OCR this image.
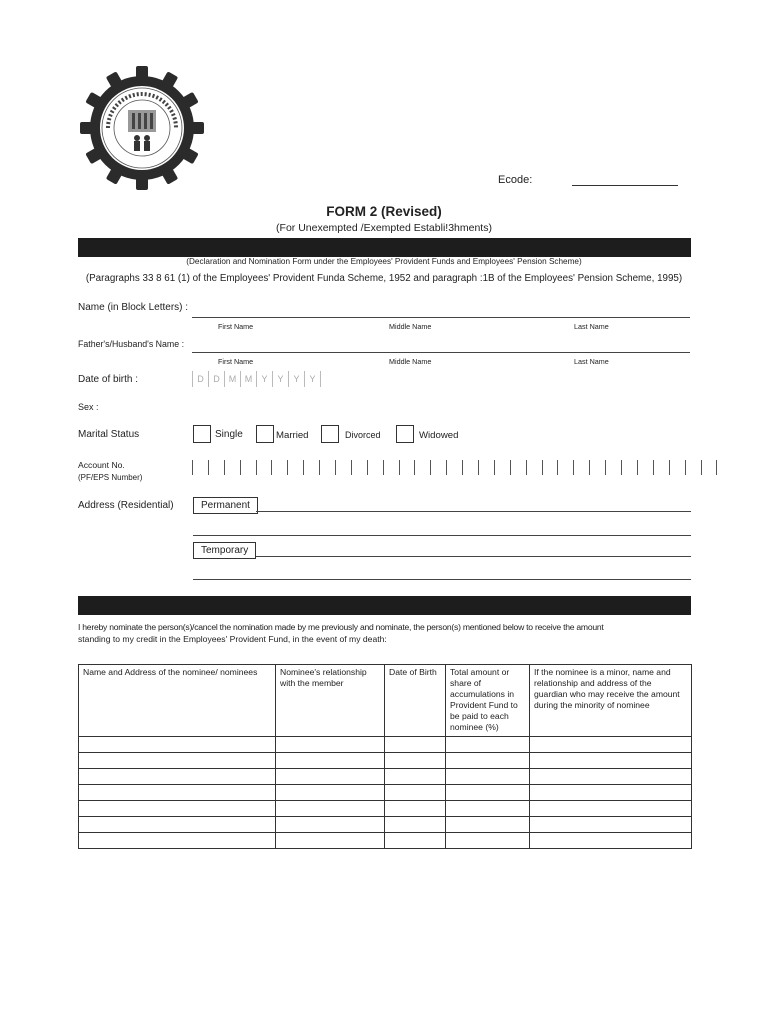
Ecode:
FORM 2 (Revised)
(For Unexempted /Exempted Establi!3hments)
(Declaration and Nomination Form under the Employees' Provident Funds and Employees' Pension Scheme)
(Paragraphs 33 8 61 (1) of the Employees' Provident Funda Scheme, 1952 and paragraph :1B of the Employees' Pension Scheme, 1995)
Name (in Block Letters) :
First Name	Middle Name	Last Name
Father's/Husband's Name :
First Name	Middle Name	Last Name
Date of birth :	D	D	M M	Y	Y	Y	Y
Sex :
Marital Status	Single	Married	Divorced	Widowed
Account No.
(PF/EPS Number)
Address (Residential)	Permanent
Temporary
I hereby nominate the person(s)/cancel the nomination made by me previously and nominate, the person(s) mentioned below to receive the amount
standing to my credit in the Employees' Provident Fund, in the event of my death:
Name and Address of the nominee/ nominees	Nominee's relationship with the member	Date of Birth	Total amount or share of accumulations in Provident Fund to be paid to each nominee (%)	If the nominee is a minor, name and relationship and address of the guardian who may receive the amount during the minority of nominee
